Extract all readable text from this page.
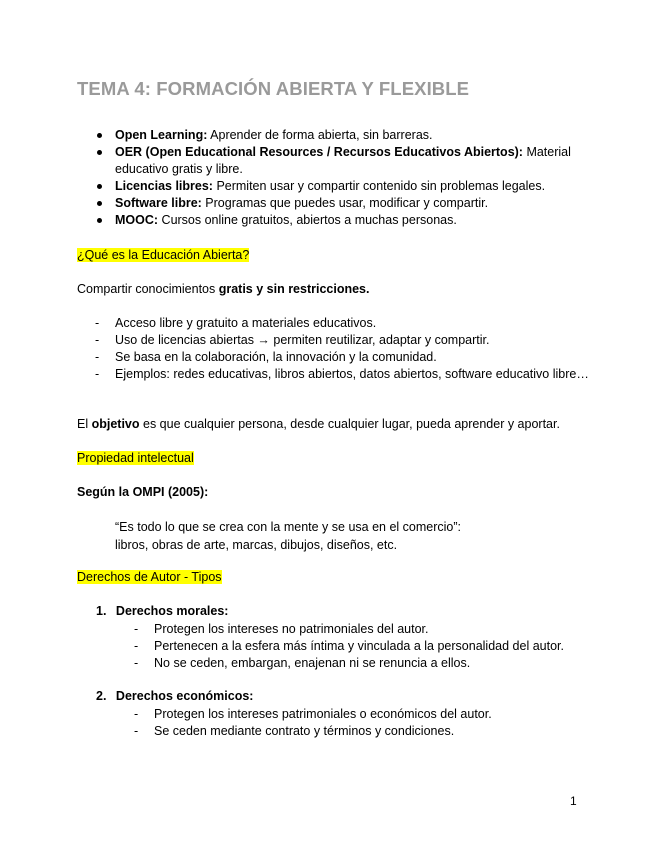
TEMA 4: FORMACIÓN ABIERTA Y FLEXIBLE
Open Learning: Aprender de forma abierta, sin barreras.
OER (Open Educational Resources / Recursos Educativos Abiertos): Material educativo gratis y libre.
Licencias libres: Permiten usar y compartir contenido sin problemas legales.
Software libre: Programas que puedes usar, modificar y compartir.
MOOC: Cursos online gratuitos, abiertos a muchas personas.
¿Qué es la Educación Abierta?
Compartir conocimientos gratis y sin restricciones.
- Acceso libre y gratuito a materiales educativos.
- Uso de licencias abiertas → permiten reutilizar, adaptar y compartir.
- Se basa en la colaboración, la innovación y la comunidad.
- Ejemplos: redes educativas, libros abiertos, datos abiertos, software educativo libre…
El objetivo es que cualquier persona, desde cualquier lugar, pueda aprender y aportar.
Propiedad intelectual
Según la OMPI (2005):
“Es todo lo que se crea con la mente y se usa en el comercio”:
libros, obras de arte, marcas, dibujos, diseños, etc.
Derechos de Autor - Tipos
1. Derechos morales:
- Protegen los intereses no patrimoniales del autor.
- Pertenecen a la esfera más íntima y vinculada a la personalidad del autor.
- No se ceden, embargan, enajenan ni se renuncia a ellos.
2. Derechos económicos:
- Protegen los intereses patrimoniales o económicos del autor.
- Se ceden mediante contrato y términos y condiciones.
1
